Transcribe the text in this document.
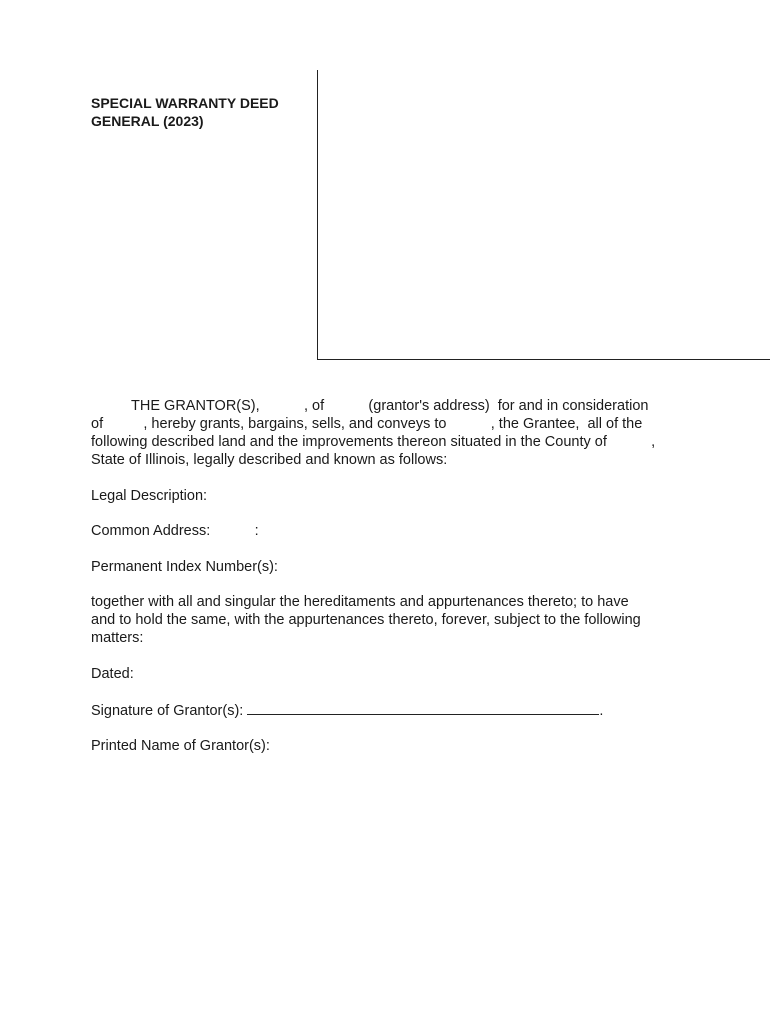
SPECIAL WARRANTY DEED
GENERAL (2023)
THE GRANTOR(S),           , of           (grantor's address)  for and in consideration
of          , hereby grants, bargains, sells, and conveys to           , the Grantee,  all of the
following described land and the improvements thereon situated in the County of           ,
State of Illinois, legally described and known as follows:
Legal Description:
Common Address:           :
Permanent Index Number(s):
together with all and singular the hereditaments and appurtenances thereto; to have
and to hold the same, with the appurtenances thereto, forever, subject to the following
matters:
Dated:
Signature of Grantor(s):	.
Printed Name of Grantor(s):
